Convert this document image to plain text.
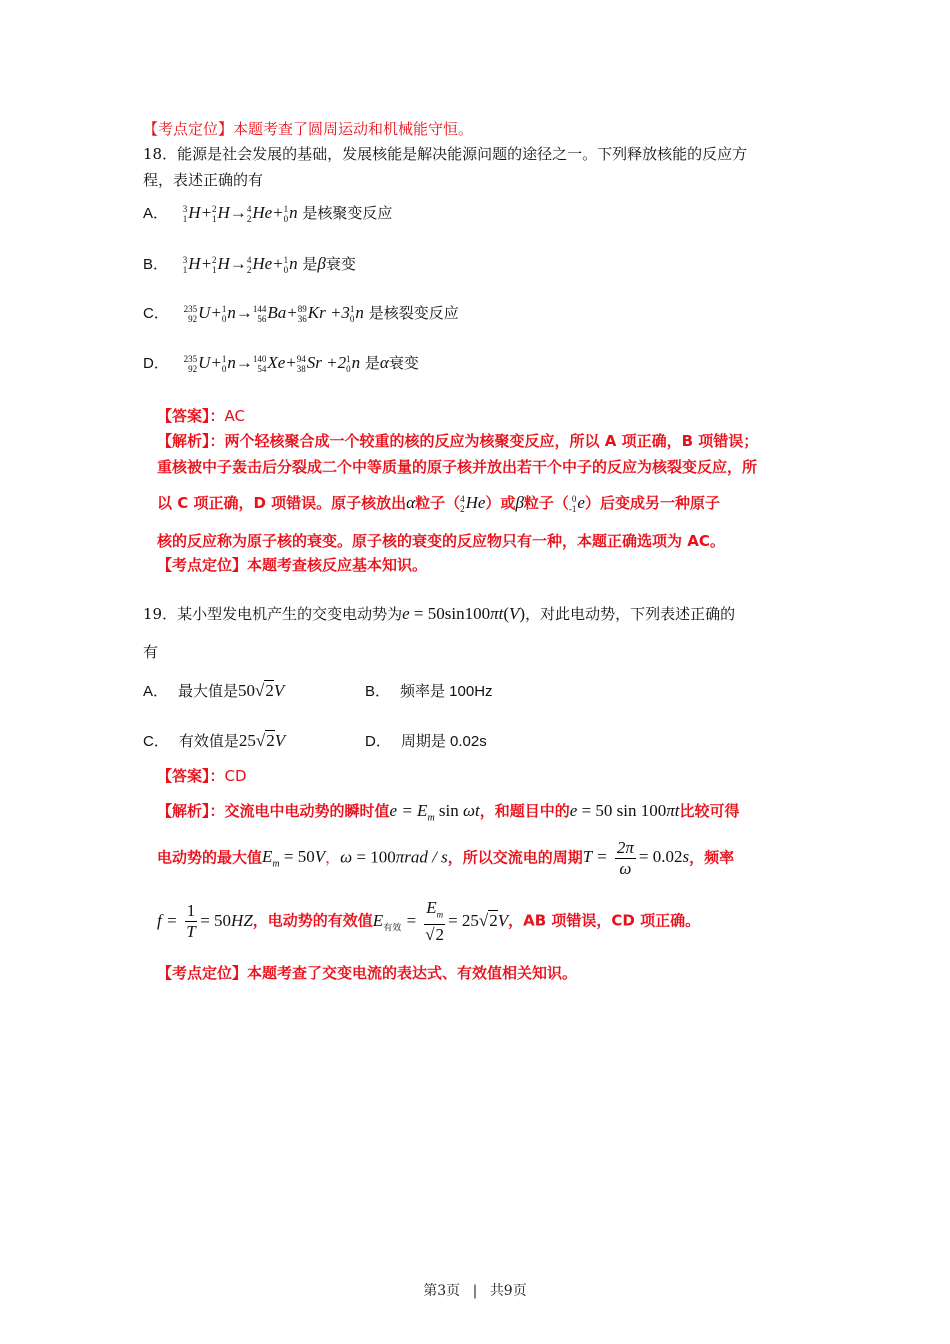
【考点定位】本题考查了圆周运动和机械能守恒。
18．能源是社会发展的基础，发展核能是解决能源问题的途径之一。下列释放核能的反应方
程，表述正确的有
A． 3
1 H+ 2
1 H→ 4
2 He+ 1
0 n 是核聚变反应
B． 3
1 H+ 2
1 H→ 4
2 He+ 1
0 n 是β衰变
C． 235
92 U+ 1
0 n→ 144
56 Ba+ 89
36 Kr +3 1
0 n 是核裂变反应
D． 235
92 U+ 1
0 n→ 140
54 Xe+ 94
38 Sr +2 1
0 n 是α衰变
【答案】：AC
【解析】：两个轻核聚合成一个较重的核的反应为核聚变反应，所以 A 项正确，B 项错误；
重核被中子轰击后分裂成二个中等质量的原子核并放出若干个中子的反应为核裂变反应，所
以 C 项正确，D 项错误。原子核放出α粒子（ 4
2 He）或β粒子（ 0
-1 e）后变成另一种原子
核的反应称为原子核的衰变。原子核的衰变的反应物只有一种，本题正确选项为 AC。
【考点定位】本题考查核反应基本知识。
19．某小型发电机产生的交变电动势为e = 50sin100πt(V)，对此电动势，下列表述正确的
有
A． 最大值是50√2V	B． 频率是 100Hz
C． 有效值是25√2V	D． 周期是 0.02s
【答案】：CD
【解析】：交流电中电动势的瞬时值$e = E_m$ sin ωt，和题目中的e = 50 sin 100πt比较可得
电动势的最大值$E_m = 50V$，ω = 100πrad / s，所以交流电的周期$T = \frac{2\pi}{\omega} = 0.02s$，频率
$f = \frac{1}{T} = 50HZ$，电动势的有效值$E_{有效} = \frac{E_m}{√2} = 25√2V$，AB 项错误，CD 项正确。
【考点定位】本题考查了交变电流的表达式、有效值相关知识。
第3页 | 共9页
